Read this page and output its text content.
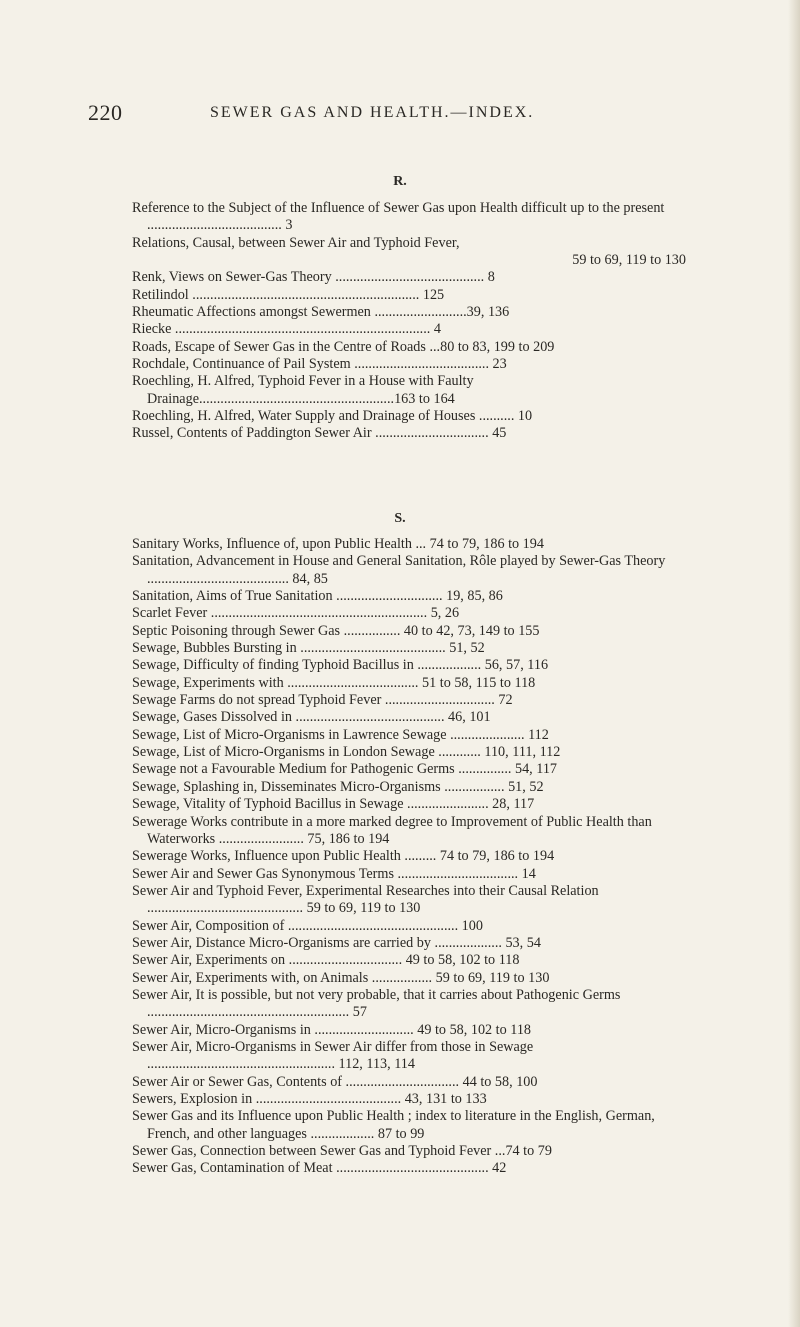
220	SEWER GAS AND HEALTH.—INDEX.
R.
Reference to the Subject of the Influence of Sewer Gas upon Health difficult up to the present ...................................... 3
Relations, Causal, between Sewer Air and Typhoid Fever,
59 to 69, 119 to 130
Renk, Views on Sewer-Gas Theory .......................................... 8
Retilindol ................................................................ 125
Rheumatic Affections amongst Sewermen ..........................39, 136
Riecke ........................................................................ 4
Roads, Escape of Sewer Gas in the Centre of Roads ...80 to 83, 199 to 209
Rochdale, Continuance of Pail System ...................................... 23
Roechling, H. Alfred, Typhoid Fever in a House with Faulty Drainage.......................................................163 to 164
Roechling, H. Alfred, Water Supply and Drainage of Houses .......... 10
Russel, Contents of Paddington Sewer Air ................................ 45
S.
Sanitary Works, Influence of, upon Public Health ... 74 to 79, 186 to 194
Sanitation, Advancement in House and General Sanitation, Rôle played by Sewer-Gas Theory ........................................ 84, 85
Sanitation, Aims of True Sanitation .............................. 19, 85, 86
Scarlet Fever ............................................................. 5, 26
Septic Poisoning through Sewer Gas ................ 40 to 42, 73, 149 to 155
Sewage, Bubbles Bursting in ......................................... 51, 52
Sewage, Difficulty of finding Typhoid Bacillus in .................. 56, 57, 116
Sewage, Experiments with ..................................... 51 to 58, 115 to 118
Sewage Farms do not spread Typhoid Fever ............................... 72
Sewage, Gases Dissolved in .......................................... 46, 101
Sewage, List of Micro-Organisms in Lawrence Sewage ..................... 112
Sewage, List of Micro-Organisms in London Sewage ............ 110, 111, 112
Sewage not a Favourable Medium for Pathogenic Germs ............... 54, 117
Sewage, Splashing in, Disseminates Micro-Organisms ................. 51, 52
Sewage, Vitality of Typhoid Bacillus in Sewage ....................... 28, 117
Sewerage Works contribute in a more marked degree to Improvement of Public Health than Waterworks ........................ 75, 186 to 194
Sewerage Works, Influence upon Public Health ......... 74 to 79, 186 to 194
Sewer Air and Sewer Gas Synonymous Terms .................................. 14
Sewer Air and Typhoid Fever, Experimental Researches into their Causal Relation ............................................ 59 to 69, 119 to 130
Sewer Air, Composition of ................................................ 100
Sewer Air, Distance Micro-Organisms are carried by ................... 53, 54
Sewer Air, Experiments on ................................ 49 to 58, 102 to 118
Sewer Air, Experiments with, on Animals ................. 59 to 69, 119 to 130
Sewer Air, It is possible, but not very probable, that it carries about Pathogenic Germs ......................................................... 57
Sewer Air, Micro-Organisms in ............................ 49 to 58, 102 to 118
Sewer Air, Micro-Organisms in Sewer Air differ from those in Sewage ..................................................... 112, 113, 114
Sewer Air or Sewer Gas, Contents of ................................ 44 to 58, 100
Sewers, Explosion in ......................................... 43, 131 to 133
Sewer Gas and its Influence upon Public Health ; index to literature in the English, German, French, and other languages .................. 87 to 99
Sewer Gas, Connection between Sewer Gas and Typhoid Fever ...74 to 79
Sewer Gas, Contamination of Meat ........................................... 42
